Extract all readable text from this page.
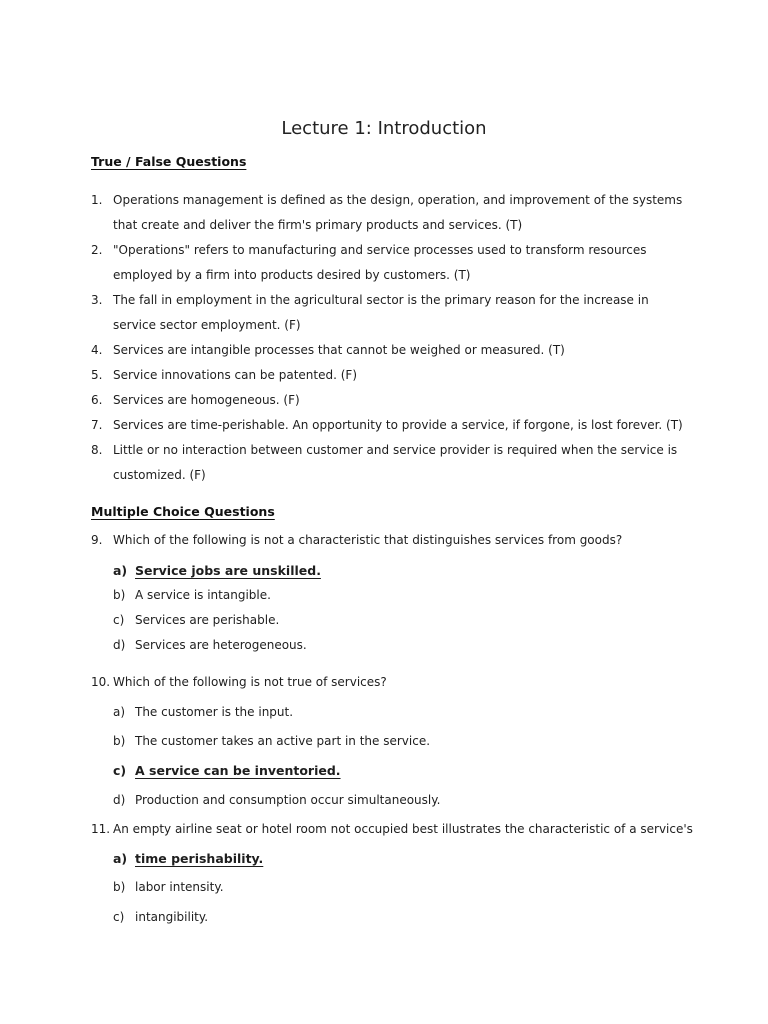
Lecture 1: Introduction
True / False Questions
1. Operations management is defined as the design, operation, and improvement of the systems that create and deliver the firm's primary products and services. (T)
2. "Operations" refers to manufacturing and service processes used to transform resources employed by a firm into products desired by customers. (T)
3. The fall in employment in the agricultural sector is the primary reason for the increase in service sector employment. (F)
4. Services are intangible processes that cannot be weighed or measured. (T)
5. Service innovations can be patented. (F)
6. Services are homogeneous. (F)
7. Services are time-perishable. An opportunity to provide a service, if forgone, is lost forever. (T)
8. Little or no interaction between customer and service provider is required when the service is customized. (F)
Multiple Choice Questions
9. Which of the following is not a characteristic that distinguishes services from goods?
a) Service jobs are unskilled.
b) A service is intangible.
c) Services are perishable.
d) Services are heterogeneous.
10. Which of the following is not true of services?
a) The customer is the input.
b) The customer takes an active part in the service.
c) A service can be inventoried.
d) Production and consumption occur simultaneously.
11. An empty airline seat or hotel room not occupied best illustrates the characteristic of a service's
a) time perishability.
b) labor intensity.
c) intangibility.
